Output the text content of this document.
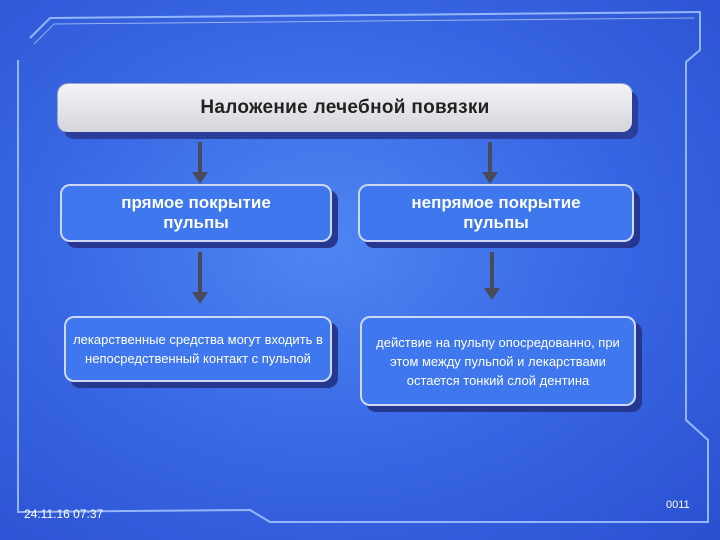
Наложение лечебной повязки
прямое покрытие пульпы
непрямое покрытие пульпы
лекарственные средства могут входить в непосредственный контакт с пульпой
действие на пульпу опосредованно, при этом между пульпой и лекарствами остается тонкий слой дентина
24.11.16 07:37
0011
